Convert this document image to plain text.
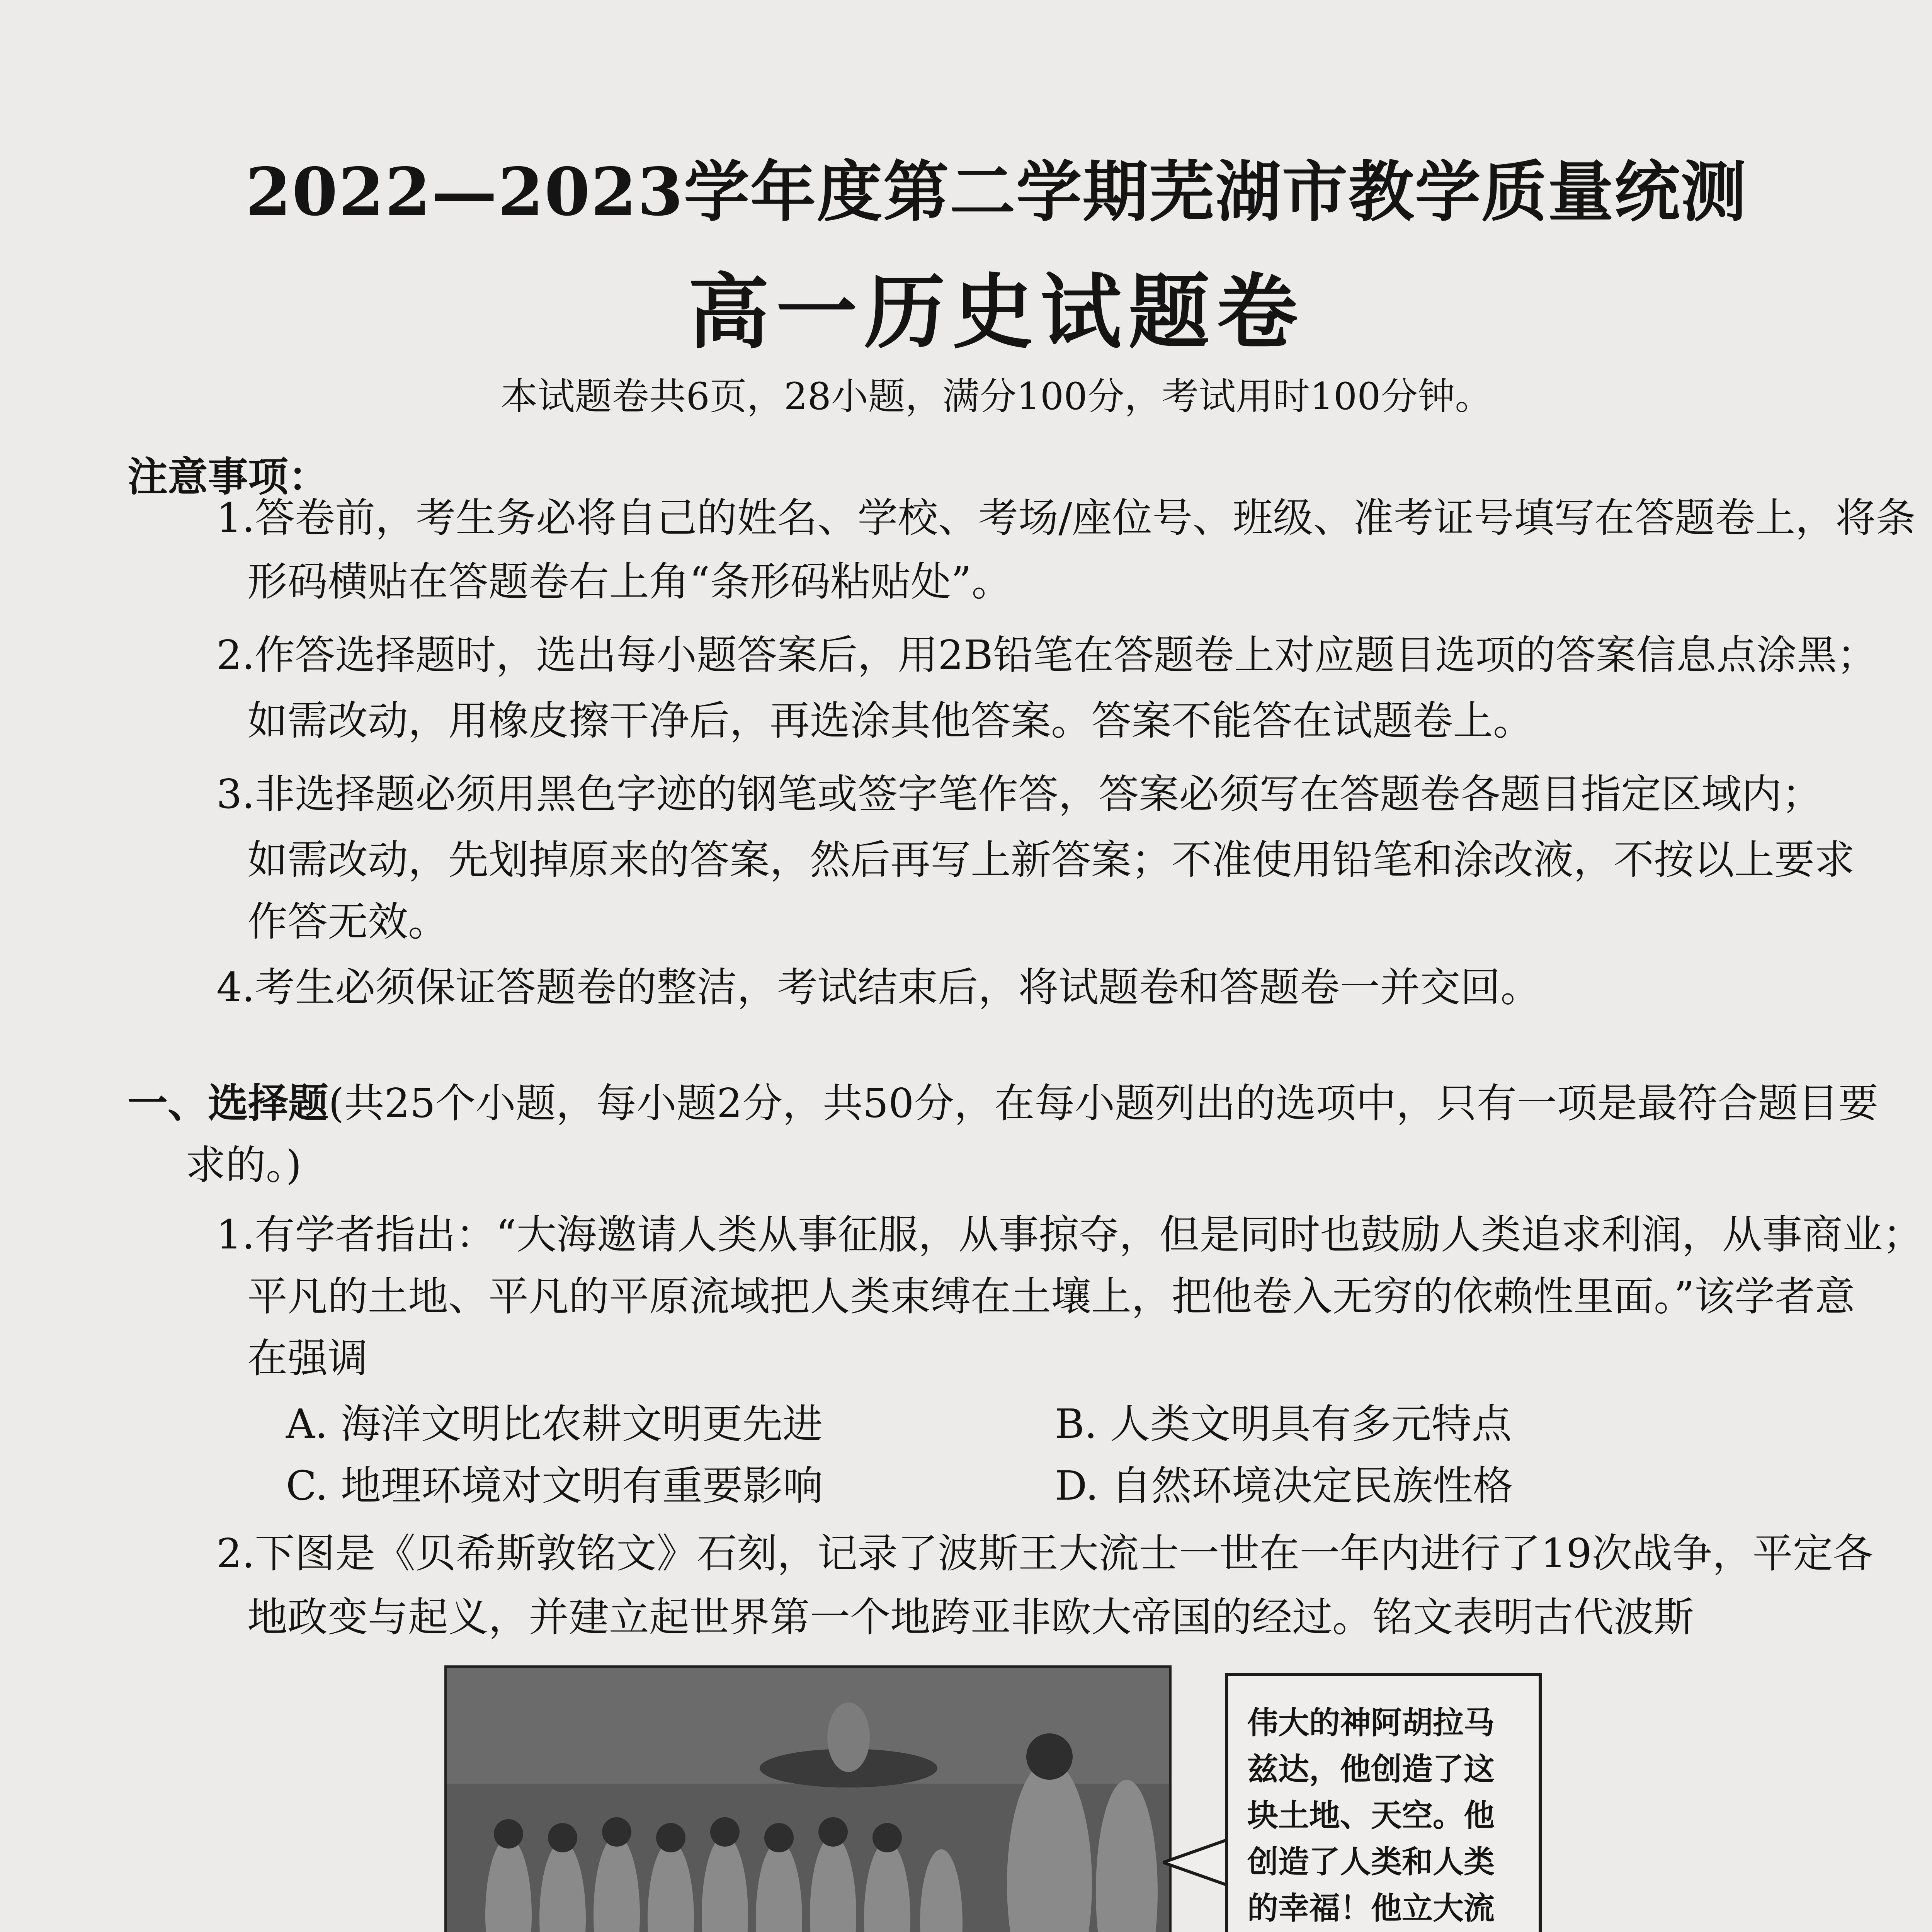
2022—2023学年度第二学期芜湖市教学质量统测
高一历史试题卷
本试题卷共6页，28小题，满分100分，考试用时100分钟。
注意事项：
1.答卷前，考生务必将自己的姓名、学校、考场/座位号、班级、准考证号填写在答题卷上，将条
形码横贴在答题卷右上角“条形码粘贴处”。
2.作答选择题时，选出每小题答案后，用2B铅笔在答题卷上对应题目选项的答案信息点涂黑；
如需改动，用橡皮擦干净后，再选涂其他答案。答案不能答在试题卷上。
3.非选择题必须用黑色字迹的钢笔或签字笔作答，答案必须写在答题卷各题目指定区域内；
如需改动，先划掉原来的答案，然后再写上新答案；不准使用铅笔和涂改液，不按以上要求
作答无效。
4.考生必须保证答题卷的整洁，考试结束后，将试题卷和答题卷一并交回。
一、选择题(共25个小题，每小题2分，共50分，在每小题列出的选项中，只有一项是最符合题目要
求的。)
1.有学者指出：“大海邀请人类从事征服，从事掠夺，但是同时也鼓励人类追求利润，从事商业；
平凡的土地、平凡的平原流域把人类束缚在土壤上，把他卷入无穷的依赖性里面。”该学者意
在强调
A. 海洋文明比农耕文明更先进	B. 人类文明具有多元特点
C. 地理环境对文明有重要影响	D. 自然环境决定民族性格
2.下图是《贝希斯敦铭文》石刻，记录了波斯王大流士一世在一年内进行了19次战争，平定各
地政变与起义，并建立起世界第一个地跨亚非欧大帝国的经过。铭文表明古代波斯
伟大的神阿胡拉马兹达，他创造了这块土地、天空。他创造了人类和人类的幸福！他立大流
